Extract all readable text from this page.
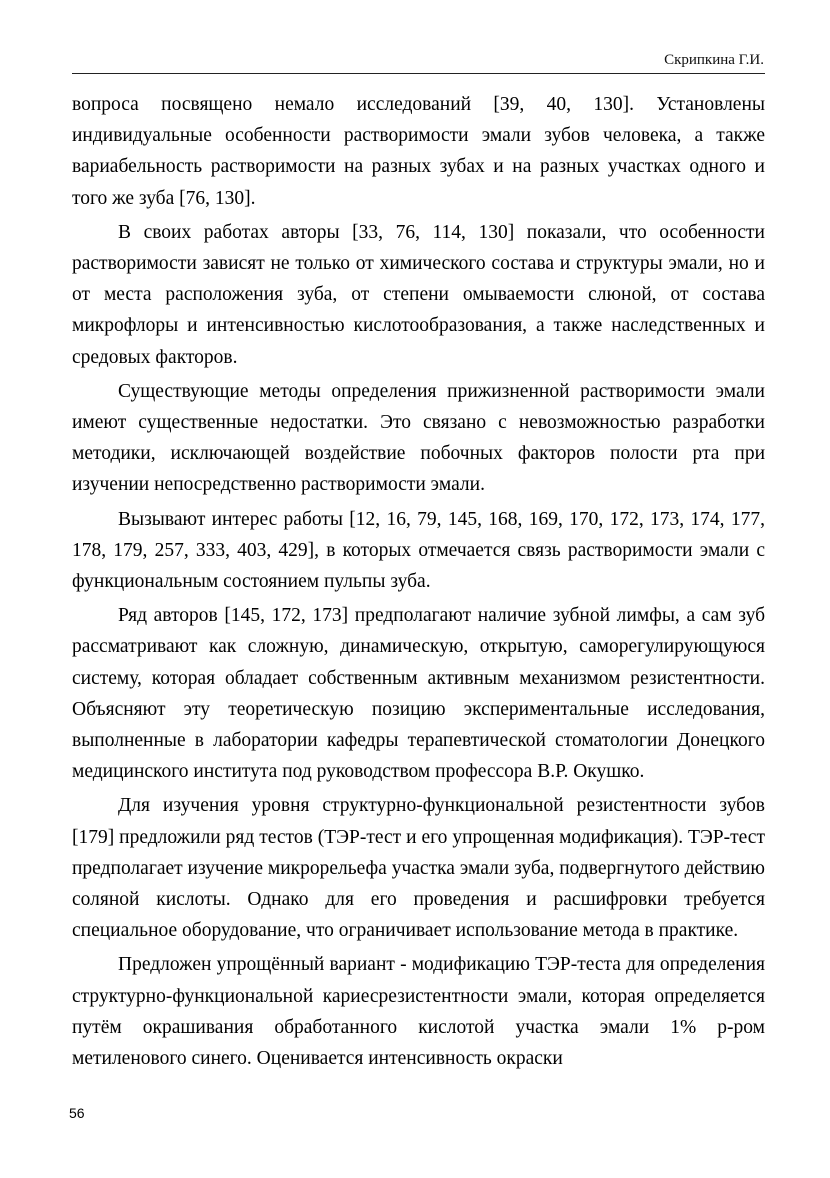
Скрипкина Г.И.

вопроса посвящено немало исследований [39, 40, 130]. Установлены индивидуальные особенности растворимости эмали зубов человека, а также вариабельность растворимости на разных зубах и на разных участках одного и того же зуба [76, 130].

В своих работах авторы [33, 76, 114, 130] показали, что особенности растворимости зависят не только от химического состава и структуры эмали, но и от места расположения зуба, от степени омываемости слюной, от состава микрофлоры и интенсивностью кислотообразования, а также наследственных и средовых факторов.

Существующие методы определения прижизненной растворимости эмали имеют существенные недостатки. Это связано с невозможностью разработки методики, исключающей воздействие побочных факторов полости рта при изучении непосредственно растворимости эмали.

Вызывают интерес работы [12, 16, 79, 145, 168, 169, 170, 172, 173, 174, 177, 178, 179, 257, 333, 403, 429], в которых отмечается связь растворимости эмали с функциональным состоянием пульпы зуба.

Ряд авторов [145, 172, 173] предполагают наличие зубной лимфы, а сам зуб рассматривают как сложную, динамическую, открытую, саморегулирующуюся систему, которая обладает собственным активным механизмом резистентности. Объясняют эту теоретическую позицию экспериментальные исследования, выполненные в лаборатории кафедры терапевтической стоматологии Донецкого медицинского института под руководством профессора В.Р. Окушко.

Для изучения уровня структурно-функциональной резистентности зубов [179] предложили ряд тестов (ТЭР-тест и его упрощенная модификация). ТЭР-тест предполагает изучение микрорельефа участка эмали зуба, подвергнутого действию соляной кислоты. Однако для его проведения и расшифровки требуется специальное оборудование, что ограничивает использование метода в практике.

Предложен упрощённый вариант - модификацию ТЭР-теста для определения структурно-функциональной кариесрезистентности эмали, которая определяется путём окрашивания обработанного кислотой участка эмали 1% р-ром метиленового синего. Оценивается интенсивность окраски

56
